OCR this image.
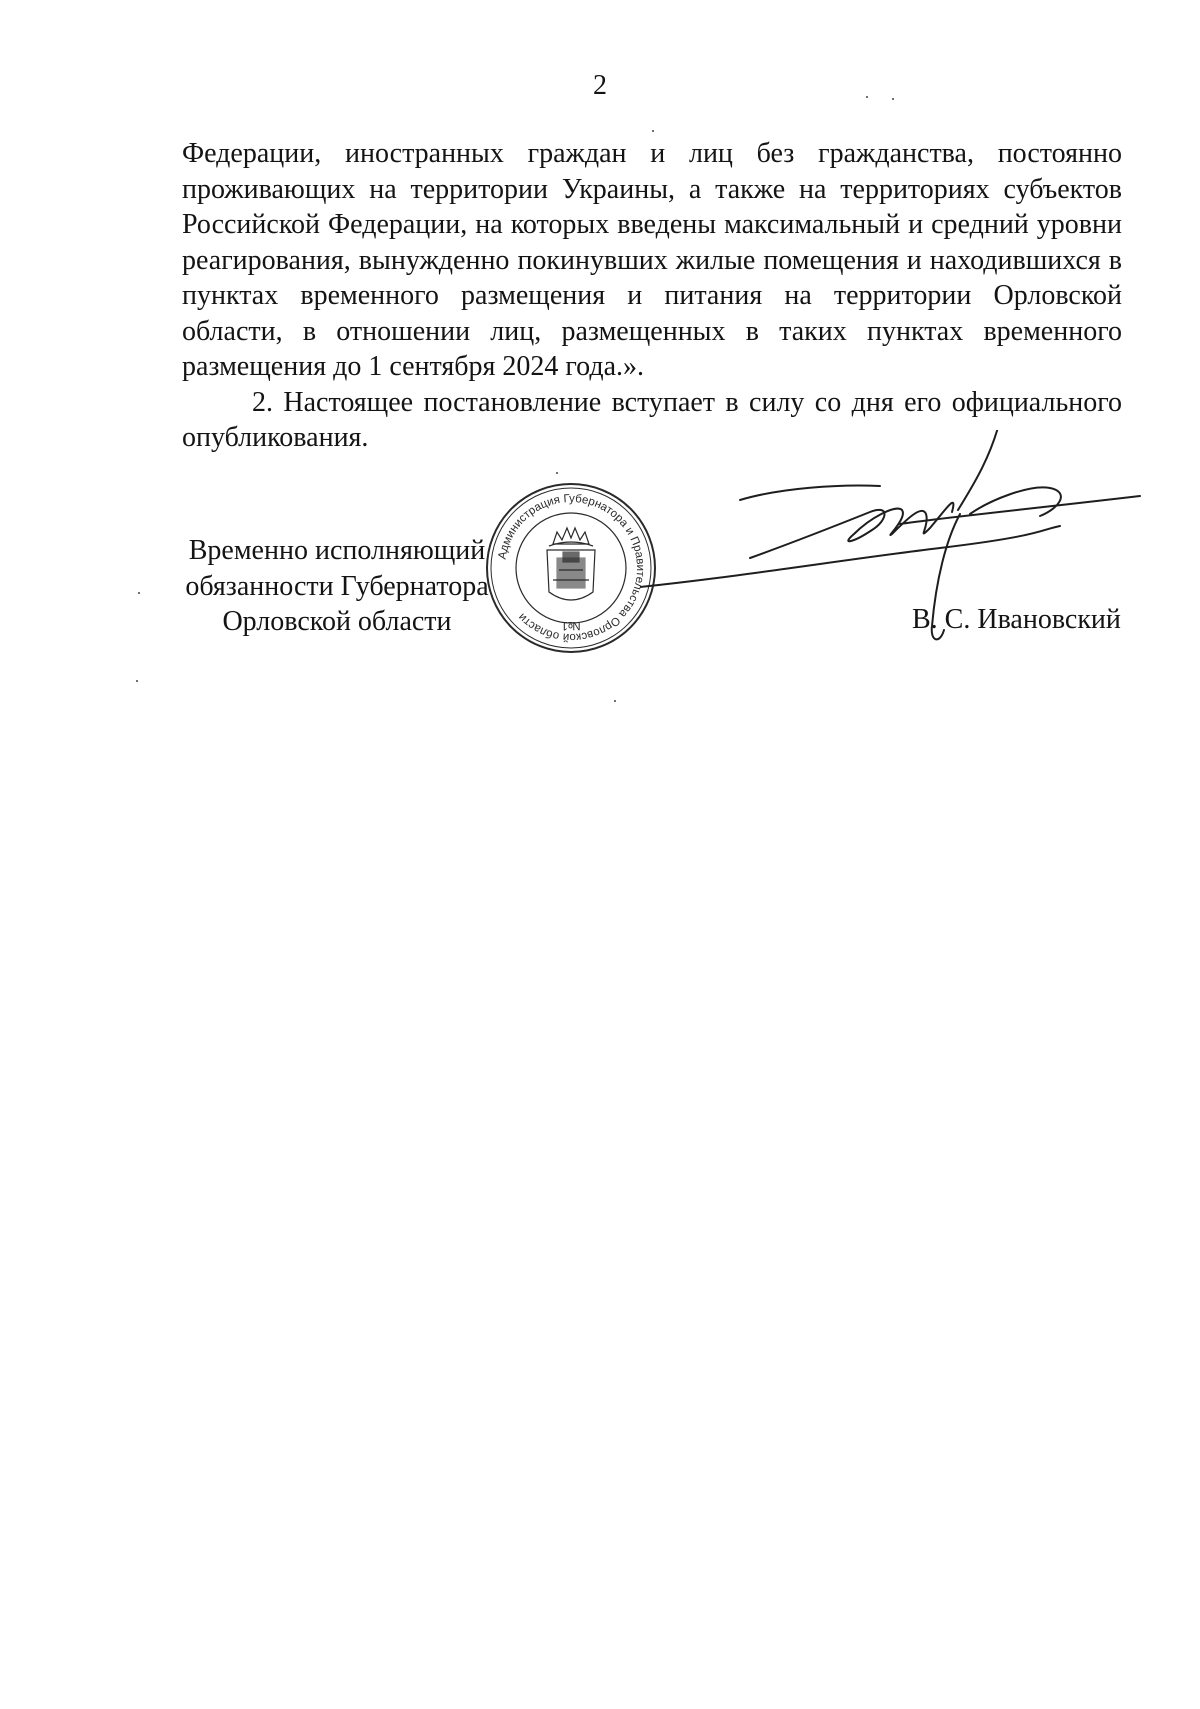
2

Федерации, иностранных граждан и лиц без гражданства, постоянно проживающих на территории Украины, а также на территориях субъектов Российской Федерации, на которых введены максимальный и средний уровни реагирования, вынужденно покинувших жилые помещения и находившихся в пунктах временного размещения и питания на территории Орловской области, в отношении лиц, размещенных в таких пунктах временного размещения до 1 сентября 2024 года.».

2. Настоящее постановление вступает в силу со дня его официального опубликования.

Временно исполняющий
обязанности Губернатора
Орловской области
Администрация Губернатора и Правительства Орловской области
№1	В. С. Ивановский
